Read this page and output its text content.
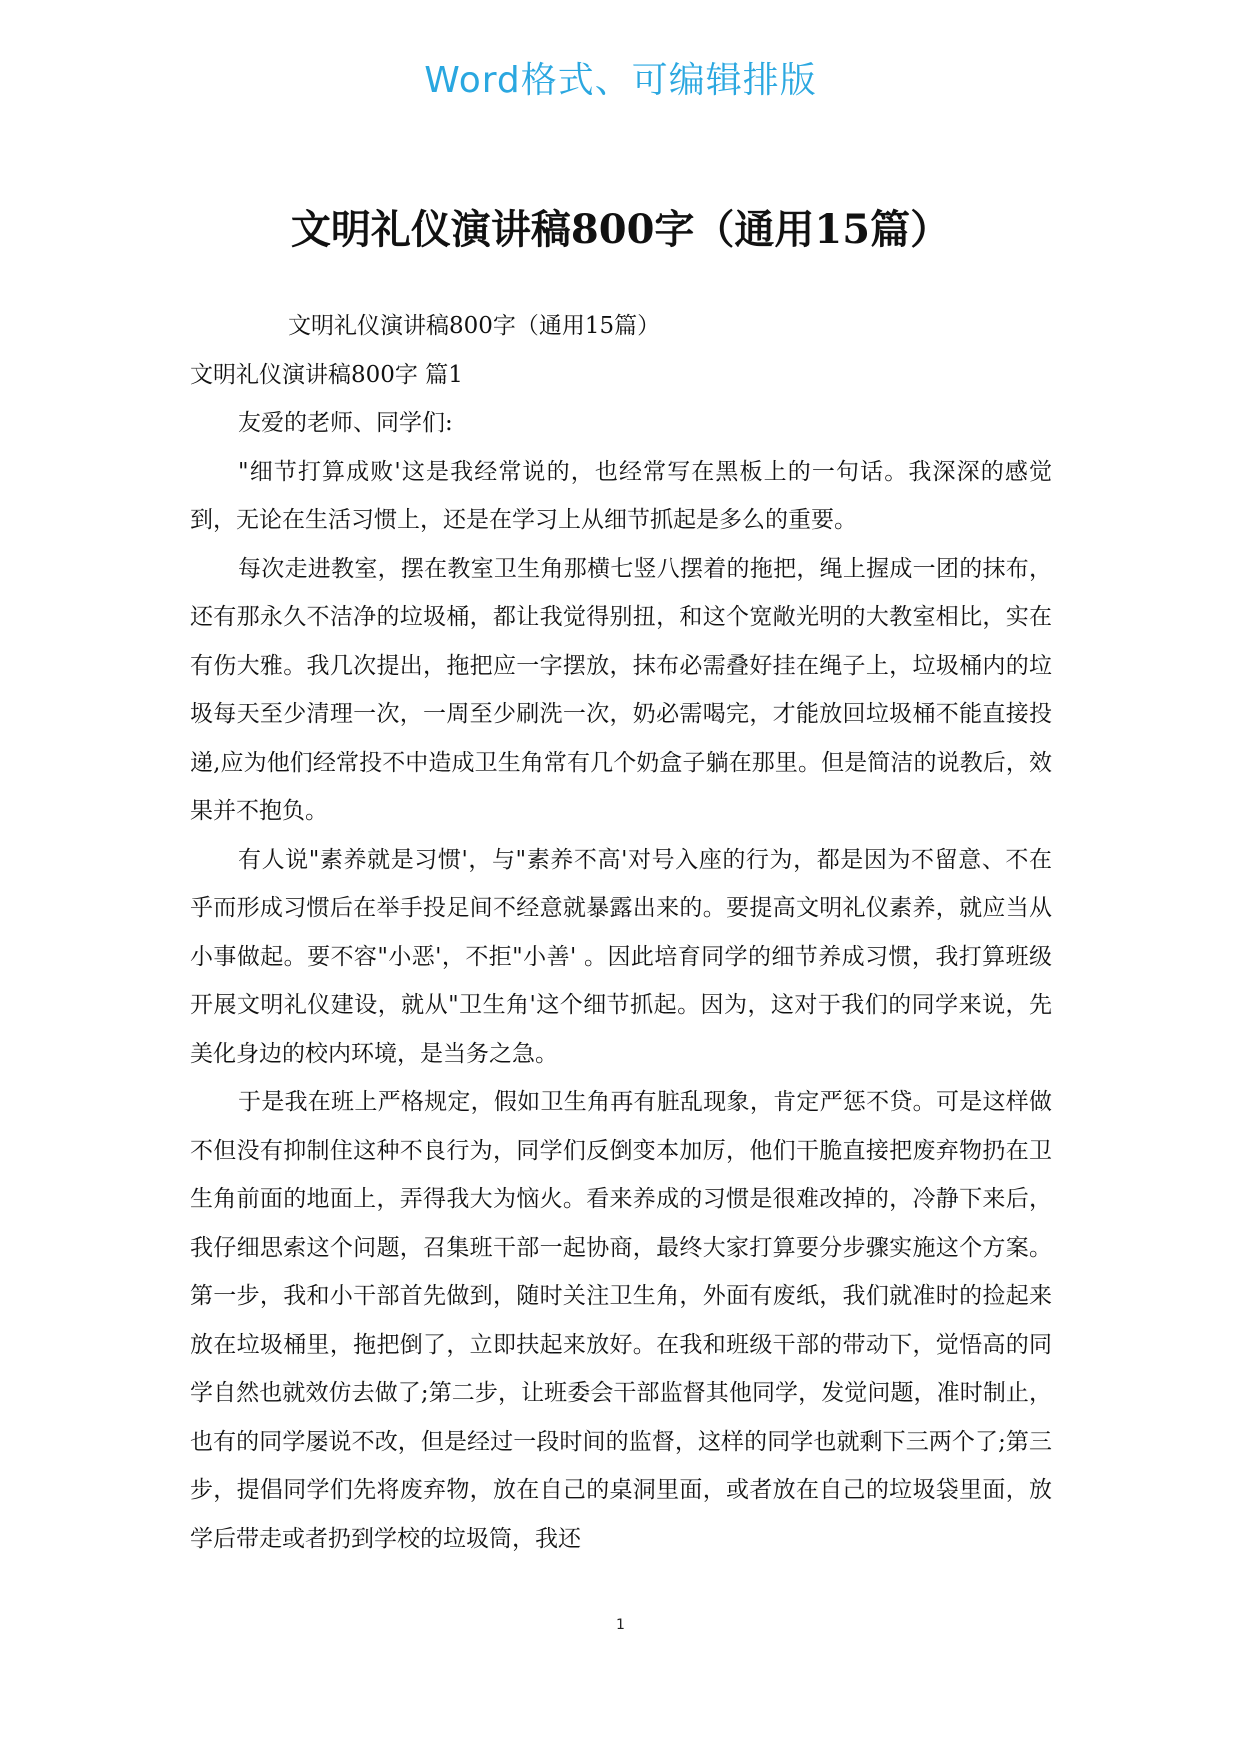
Word格式、可编辑排版
文明礼仪演讲稿800字（通用15篇）

文明礼仪演讲稿800字（通用15篇）

文明礼仪演讲稿800字 篇1

友爱的老师、同学们:

"细节打算成败'这是我经常说的，也经常写在黑板上的一句话。我深深的感觉到，无论在生活习惯上，还是在学习上从细节抓起是多么的重要。

每次走进教室，摆在教室卫生角那横七竖八摆着的拖把，绳上握成一团的抹布，还有那永久不洁净的垃圾桶，都让我觉得别扭，和这个宽敞光明的大教室相比，实在有伤大雅。我几次提出，拖把应一字摆放，抹布必需叠好挂在绳子上，垃圾桶内的垃圾每天至少清理一次，一周至少刷洗一次，奶必需喝完，才能放回垃圾桶不能直接投递,应为他们经常投不中造成卫生角常有几个奶盒子躺在那里。但是简洁的说教后，效果并不抱负。

有人说"素养就是习惯'，与"素养不高'对号入座的行为，都是因为不留意、不在乎而形成习惯后在举手投足间不经意就暴露出来的。要提高文明礼仪素养，就应当从小事做起。要不容"小恶'，不拒"小善' 。因此培育同学的细节养成习惯，我打算班级开展文明礼仪建设，就从"卫生角'这个细节抓起。因为，这对于我们的同学来说，先美化身边的校内环境，是当务之急。

于是我在班上严格规定，假如卫生角再有脏乱现象，肯定严惩不贷。可是这样做不但没有抑制住这种不良行为，同学们反倒变本加厉，他们干脆直接把废弃物扔在卫生角前面的地面上，弄得我大为恼火。看来养成的习惯是很难改掉的，冷静下来后，我仔细思索这个问题，召集班干部一起协商，最终大家打算要分步骤实施这个方案。第一步，我和小干部首先做到，随时关注卫生角，外面有废纸，我们就准时的捡起来放在垃圾桶里，拖把倒了，立即扶起来放好。在我和班级干部的带动下，觉悟高的同学自然也就效仿去做了;第二步，让班委会干部监督其他同学，发觉问题，准时制止，也有的同学屡说不改，但是经过一段时间的监督，这样的同学也就剩下三两个了;第三步，提倡同学们先将废弃物，放在自己的桌洞里面，或者放在自己的垃圾袋里面，放学后带走或者扔到学校的垃圾筒，我还

1
